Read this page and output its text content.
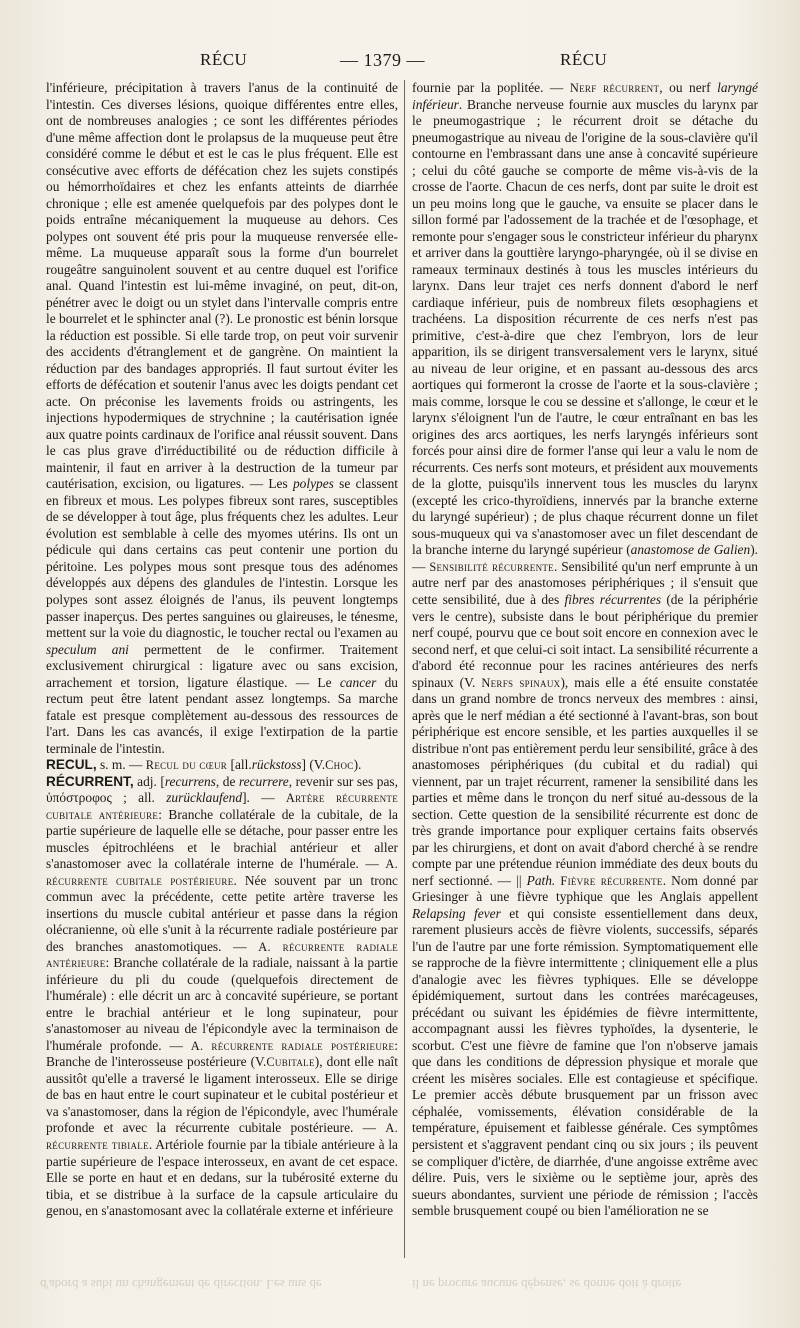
RÉCU	— 1379 —	RÉCU

l'inférieure, précipitation à travers l'anus de la continuité de l'intestin. Ces diverses lésions, quoique différentes entre elles, ont de nombreuses analogies ; ce sont les différentes périodes d'une même affection dont le prolapsus de la muqueuse peut être considéré comme le début et est le cas le plus fréquent. Elle est consécutive avec efforts de défécation chez les sujets constipés ou hémorrhoïdaires et chez les enfants atteints de diarrhée chronique ; elle est amenée quelquefois par des polypes dont le poids entraîne mécaniquement la muqueuse au dehors. Ces polypes ont souvent été pris pour la muqueuse renversée elle-même. La muqueuse apparaît sous la forme d'un bourrelet rougeâtre sanguinolent souvent et au centre duquel est l'orifice anal. Quand l'intestin est lui-même invaginé, on peut, dit-on, pénétrer avec le doigt ou un stylet dans l'intervalle compris entre le bourrelet et le sphincter anal (?). Le pronostic est bénin lorsque la réduction est possible. Si elle tarde trop, on peut voir survenir des accidents d'étranglement et de gangrène. On maintient la réduction par des bandages appropriés. Il faut surtout éviter les efforts de défécation et soutenir l'anus avec les doigts pendant cet acte. On préconise les lavements froids ou astringents, les injections hypodermiques de strychnine ; la cautérisation ignée aux quatre points cardinaux de l'orifice anal réussit souvent. Dans le cas plus grave d'irréductibilité ou de réduction difficile à maintenir, il faut en arriver à la destruction de la tumeur par cautérisation, excision, ou ligatures. — Les polypes se classent en fibreux et mous. Les polypes fibreux sont rares, susceptibles de se développer à tout âge, plus fréquents chez les adultes. Leur évolution est semblable à celle des myomes utérins. Ils ont un pédicule qui dans certains cas peut contenir une portion du péritoine. Les polypes mous sont presque tous des adénomes développés aux dépens des glandules de l'intestin. Lorsque les polypes sont assez éloignés de l'anus, ils peuvent longtemps passer inaperçus. Des pertes sanguines ou glaireuses, le ténesme, mettent sur la voie du diagnostic, le toucher rectal ou l'examen au speculum ani permettent de le confirmer. Traitement exclusivement chirurgical : ligature avec ou sans excision, arrachement et torsion, ligature élastique. — Le cancer du rectum peut être latent pendant assez longtemps. Sa marche fatale est presque complètement au-dessous des ressources de l'art. Dans les cas avancés, il exige l'extirpation de la partie terminale de l'intestin.

RECUL, s. m. — Recul du cœur [all.rückstoss] (V.Choc).

RÉCURRENT, adj. [recurrens, de recurrere, revenir sur ses pas, ὑπόστροφος ; all. zurücklaufend]. — Artère récurrente cubitale antérieure: Branche collatérale de la cubitale, de la partie supérieure de laquelle elle se détache, pour passer entre les muscles épitrochléens et le brachial antérieur et aller s'anastomoser avec la collatérale interne de l'humérale. — A. récurrente cubitale postérieure. Née souvent par un tronc commun avec la précédente, cette petite artère traverse les insertions du muscle cubital antérieur et passe dans la région olécranienne, où elle s'unit à la récurrente radiale postérieure par des branches anastomotiques. — A. récurrente radiale antérieure: Branche collatérale de la radiale, naissant à la partie inférieure du pli du coude (quelquefois directement de l'humérale) : elle décrit un arc à concavité supérieure, se portant entre le brachial antérieur et le long supinateur, pour s'anastomoser au niveau de l'épicondyle avec la terminaison de l'humérale profonde. — A. récurrente radiale postérieure: Branche de l'interosseuse postérieure (V.Cubitale), dont elle naît aussitôt qu'elle a traversé le ligament interosseux. Elle se dirige de bas en haut entre le court supinateur et le cubital postérieur et va s'anastomoser, dans la région de l'épicondyle, avec l'humérale profonde et avec la récurrente cubitale postérieure. — A. récurrente tibiale. Artériole fournie par la tibiale antérieure à la partie supérieure de l'espace interosseux, en avant de cet espace. Elle se porte en haut et en dedans, sur la tubérosité externe du tibia, et se distribue à la surface de la capsule articulaire du genou, en s'anastomosant avec la collatérale externe et inférieure

fournie par la poplitée. — Nerf récurrent, ou nerf laryngé inférieur. Branche nerveuse fournie aux muscles du larynx par le pneumogastrique ; le récurrent droit se détache du pneumogastrique au niveau de l'origine de la sous-clavière qu'il contourne en l'embrassant dans une anse à concavité supérieure ; celui du côté gauche se comporte de même vis-à-vis de la crosse de l'aorte. Chacun de ces nerfs, dont par suite le droit est un peu moins long que le gauche, va ensuite se placer dans le sillon formé par l'adossement de la trachée et de l'œsophage, et remonte pour s'engager sous le constricteur inférieur du pharynx et arriver dans la gouttière laryngo-pharyngée, où il se divise en rameaux terminaux destinés à tous les muscles intérieurs du larynx. Dans leur trajet ces nerfs donnent d'abord le nerf cardiaque inférieur, puis de nombreux filets œsophagiens et trachéens. La disposition récurrente de ces nerfs n'est pas primitive, c'est-à-dire que chez l'embryon, lors de leur apparition, ils se dirigent transversalement vers le larynx, situé au niveau de leur origine, et en passant au-dessous des arcs aortiques qui formeront la crosse de l'aorte et la sous-clavière ; mais comme, lorsque le cou se dessine et s'allonge, le cœur et le larynx s'éloignent l'un de l'autre, le cœur entraînant en bas les origines des arcs aortiques, les nerfs laryngés inférieurs sont forcés pour ainsi dire de former l'anse qui leur a valu le nom de récurrents. Ces nerfs sont moteurs, et président aux mouvements de la glotte, puisqu'ils innervent tous les muscles du larynx (excepté les crico-thyroïdiens, innervés par la branche externe du laryngé supérieur) ; de plus chaque récurrent donne un filet sous-muqueux qui va s'anastomoser avec un filet descendant de la branche interne du laryngé supérieur (anastomose de Galien). — Sensibilité récurrente. Sensibilité qu'un nerf emprunte à un autre nerf par des anastomoses périphériques ; il s'ensuit que cette sensibilité, due à des fibres récurrentes (de la périphérie vers le centre), subsiste dans le bout périphérique du premier nerf coupé, pourvu que ce bout soit encore en connexion avec le second nerf, et que celui-ci soit intact. La sensibilité récurrente a d'abord été reconnue pour les racines antérieures des nerfs spinaux (V. Nerfs spinaux), mais elle a été ensuite constatée dans un grand nombre de troncs nerveux des membres : ainsi, après que le nerf médian a été sectionné à l'avant-bras, son bout périphérique est encore sensible, et les parties auxquelles il se distribue n'ont pas entièrement perdu leur sensibilité, grâce à des anastomoses périphériques (du cubital et du radial) qui viennent, par un trajet récurrent, ramener la sensibilité dans les parties et même dans le tronçon du nerf situé au-dessous de la section. Cette question de la sensibilité récurrente est donc de très grande importance pour expliquer certains faits observés par les chirurgiens, et dont on avait d'abord cherché à se rendre compte par une prétendue réunion immédiate des deux bouts du nerf sectionné. — || Path. Fièvre récurrente. Nom donné par Griesinger à une fièvre typhique que les Anglais appellent Relapsing fever et qui consiste essentiellement dans deux, rarement plusieurs accès de fièvre violents, successifs, séparés l'un de l'autre par une forte rémission. Symptomatiquement elle se rapproche de la fièvre intermittente ; cliniquement elle a plus d'analogie avec les fièvres typhiques. Elle se développe épidémiquement, surtout dans les contrées marécageuses, précédant ou suivant les épidémies de fièvre intermittente, accompagnant aussi les fièvres typhoïdes, la dysenterie, le scorbut. C'est une fièvre de famine que l'on n'observe jamais que dans les conditions de dépression physique et morale que créent les misères sociales. Elle est contagieuse et spécifique. Le premier accès débute brusquement par un frisson avec céphalée, vomissements, élévation considérable de la température, épuisement et faiblesse générale. Ces symptômes persistent et s'aggravent pendant cinq ou six jours ; ils peuvent se compliquer d'ictère, de diarrhée, d'une angoisse extrême avec délire. Puis, vers le sixième ou le septième jour, après des sueurs abondantes, survient une période de rémission ; l'accès semble brusquement coupé ou bien l'amélioration ne se

d'abord a subi un changement de direction. Les uns de	il ne procure aucune dépense, se donne doit à droite
